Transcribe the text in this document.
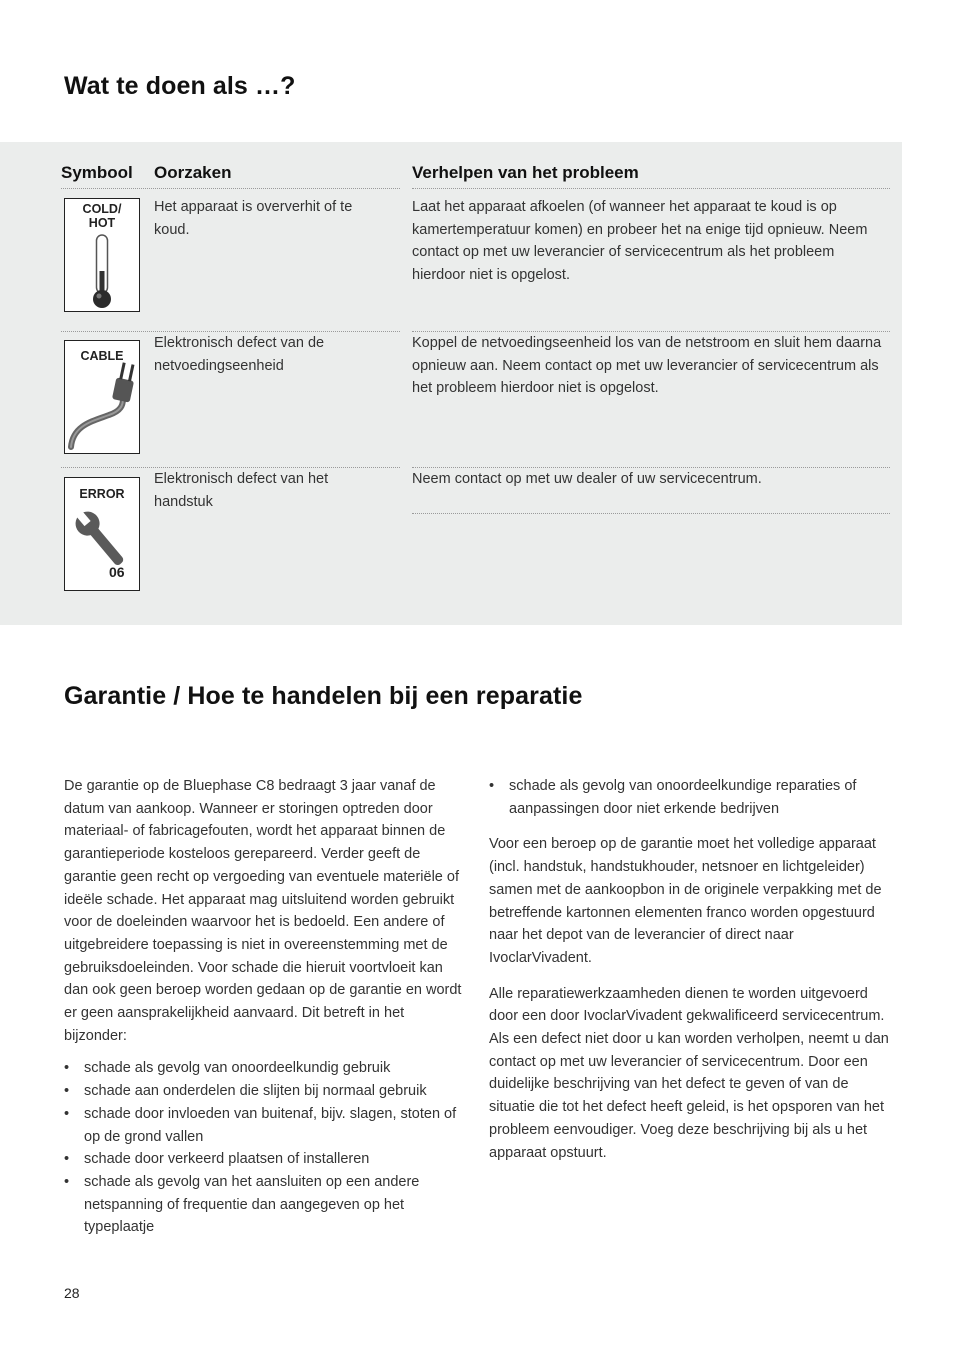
Wat te doen als …?
Symbool Oorzaken	Verhelpen van het probleem
COLD/
HOT
Het apparaat is oververhit of te koud.
Laat het apparaat afkoelen (of wanneer het apparaat te koud is op kamertemperatuur komen) en probeer het na enige tijd opnieuw. Neem contact op met uw leverancier of servicecentrum als het probleem hierdoor niet is opgelost.
CABLE
Elektronisch defect van de netvoedingseenheid
Koppel de netvoedingseenheid los van de netstroom en sluit hem daarna opnieuw aan. Neem contact op met uw leverancier of servicecentrum als het probleem hierdoor niet is opgelost.
ERROR
06
Elektronisch defect van het handstuk
Neem contact op met uw dealer of uw servicecentrum.
Garantie / Hoe te handelen bij een reparatie

De garantie op de Bluephase C8 bedraagt 3 jaar vanaf de datum van aankoop. Wanneer er storingen optreden door materiaal- of fabricagefouten, wordt het apparaat binnen de garantieperiode kosteloos gerepareerd. Verder geeft de garantie geen recht op vergoeding van eventuele materiële of ideële schade. Het apparaat mag uitsluitend worden gebruikt voor de doeleinden waarvoor het is bedoeld. Een andere of uitgebreidere toepassing is niet in overeenstemming met de gebruiksdoeleinden. Voor schade die hieruit voortvloeit kan dan ook geen beroep worden gedaan op de garantie en wordt er geen aansprakelijkheid aanvaard. Dit betreft in het bijzonder:

• schade als gevolg van onoordeelkundig gebruik
• schade aan onderdelen die slijten bij normaal gebruik
• schade door invloeden van buitenaf, bijv. slagen, stoten of op de grond vallen
• schade door verkeerd plaatsen of installeren
• schade als gevolg van het aansluiten op een andere netspanning of frequentie dan aangegeven op het typeplaatje
• schade als gevolg van onoordeelkundige reparaties of aanpassingen door niet erkende bedrijven

Voor een beroep op de garantie moet het volledige apparaat (incl. handstuk, handstukhouder, netsnoer en lichtgeleider) samen met de aankoopbon in de originele verpakking met de betreffende kartonnen elementen franco worden opgestuurd naar het depot van de leverancier of direct naar IvoclarVivadent.

Alle reparatiewerkzaamheden dienen te worden uitgevoerd door een door IvoclarVivadent gekwalificeerd servicecentrum. Als een defect niet door u kan worden verholpen, neemt u dan contact op met uw leverancier of servicecentrum. Door een duidelijke beschrijving van het defect te geven of van de situatie die tot het defect heeft geleid, is het opsporen van het probleem eenvoudiger. Voeg deze beschrijving bij als u het apparaat opstuurt.

28
